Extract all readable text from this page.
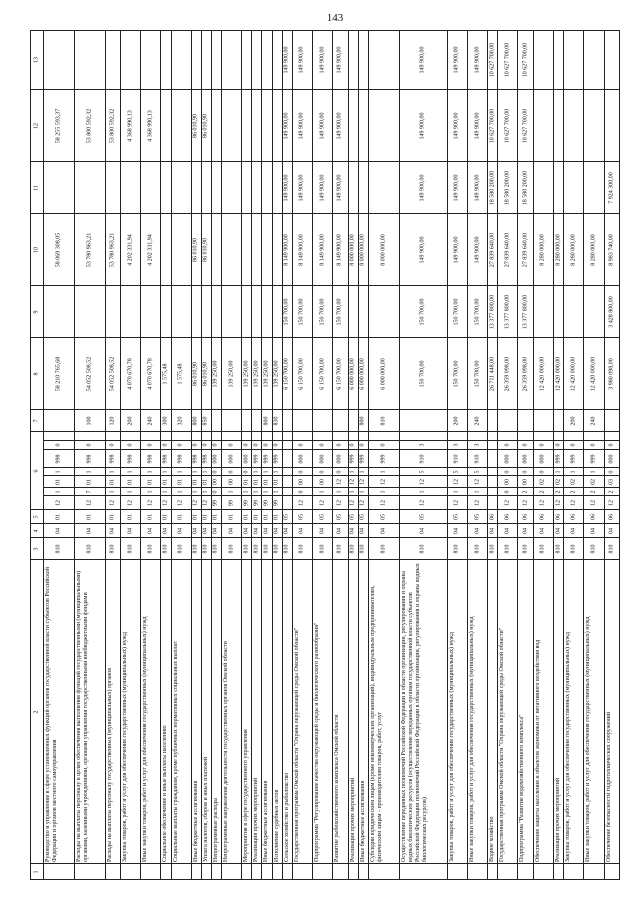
143
1
2
3
4
5
6
7
8
9
10
11
12
13
Руководство и управление в сфере установленных функций органов государственной власти субъектов Российской Федерации и органов местного самоуправления
810
04
01
12
1
01
1
998
0
58 210 765,68
58 069 308,05
58 255 593,37
Расходы на выплаты персоналу в целях обеспечения выполнения функций государственными (муниципальными) органами, казенными учреждениями, органами управления государственными внебюджетными фондами
810
04
01
12
7
01
1
998
0
100
54 052 508,52
53 780 963,21
53 800 592,32
Расходы на выплаты персоналу государственных (муниципальных) органов
810
04
01
12
1
01
1
998
0
120
54 052 508,52
53 780 963,21
53 800 592,32
Закупка товаров, работ и услуг для обеспечения государственных (муниципальных) нужд
810
04
01
12
1
01
1
998
0
200
4 070 670,78
4 202 331,94
4 368 990,13
Иные закупки товаров, работ и услуг для обеспечения государственных (муниципальных) нужд
810
04
01
12
1
01
1
998
0
240
4 070 670,78
4 202 331,94
4 368 990,13
Социальное обеспечение и иные выплаты населению
810
04
01
12
1
01
1
998
0
300
1 575,48
Социальные выплаты гражданам, кроме публичных нормативных социальных выплат
810
04
01
12
1
01
1
998
0
320
1 575,48
Иные бюджетные ассигнования
810
04
01
12
1
01
1
998
0
800
86 010,90
86 010,90
86 010,90
Уплата налогов, сборов и иных платежей
810
04
01
12
1
01
1
998
0
850
86 010,90
86 010,90
86 010,90
Непрограммные расходы
810
04
01
99
0
00
0
000
0
139 250,00
Непрограммные направления деятельности государственных органов Омской области
810
04
01
99
1
00
0
000
0
139 250,00
Мероприятия в сфере государственного управления
810
04
01
99
1
01
0
000
0
139 250,00
Реализация прочих мероприятий
810
04
01
99
1
01
1
999
0
139 250,00
Иные бюджетные ассигнования
810
04
01
99
1
01
1
999
0
800
139 250,00
Исполнение судебных актов
810
04
01
99
1
01
1
999
0
830
139 250,00
Сельское хозяйство и рыболовство
810
04
05
6 150 700,00
150 700,00
8 149 900,00
149 900,00
149 900,00
149 900,00
Государственная программа Омской области "Охрана окружающей среды Омской области"
810
04
05
12
0
00
0
000
0
6 150 700,00
150 700,00
8 149 900,00
149 900,00
149 900,00
149 900,00
Подпрограмма "Регулирование качества окружающей среды и биологического разнообразия"
810
04
05
12
1
00
0
000
0
6 150 700,00
150 700,00
8 149 900,00
149 900,00
149 900,00
149 900,00
Развитие рыбохозяйственного комплекса Омской области
810
04
05
12
1
12
0
000
0
6 150 700,00
150 700,00
8 149 900,00
149 900,00
149 900,00
149 900,00
Реализация прочих мероприятий
810
04
05
12
1
12
1
999
0
6 000 000,00
8 000 000,00
Иные бюджетные ассигнования
810
04
05
12
1
12
1
999
0
800
6 000 000,00
8 000 000,00
Субсидии юридическим лицам (кроме некоммерческих организаций), индивидуальным предпринимателям, физическим лицам - производителям товаров, работ, услуг
810
04
05
12
1
12
1
999
0
810
6 000 000,00
8 000 000,00
Осуществление переданных полномочий Российской Федерации в области организации, регулирования и охраны водных биологических ресурсов (осуществление переданных органам государственной власти субъектов Российской Федерации полномочий Российской Федерации в области организации, регулирования и охраны водных биологических ресурсов)
810
04
05
12
1
12
5
910
3
150 700,00
150 700,00
149 900,00
149 900,00
149 900,00
149 900,00
Закупка товаров, работ и услуг для обеспечения государственных (муниципальных) нужд
810
04
05
12
1
12
5
910
3
200
150 700,00
150 700,00
149 900,00
149 900,00
149 900,00
149 900,00
Иные закупки товаров, работ и услуг для обеспечения государственных (муниципальных) нужд
810
04
05
12
1
12
5
910
3
240
150 700,00
150 700,00
149 900,00
149 900,00
149 900,00
149 900,00
Водное хозяйство
810
04
06
26 711 448,00
13 377 800,00
27 839 640,00
18 580 200,00
10 627 700,00
10 627 700,00
Государственная программа Омской области "Охрана окружающей среды Омской области"
810
04
06
12
0
00
0
000
0
26 359 098,00
13 377 800,00
27 839 640,00
18 580 200,00
10 627 700,00
10 627 700,00
Подпрограмма "Развитие водохозяйственного комплекса"
810
04
06
12
2
00
0
000
0
26 359 098,00
13 377 800,00
27 839 640,00
18 580 200,00
10 627 700,00
10 627 700,00
Обеспечение защиты населения и объектов экономики от негативного воздействия вод
810
04
06
12
2
02
0
000
0
12 420 000,00
8 280 000,00
Реализация прочих мероприятий
810
04
06
12
2
02
1
999
0
12 420 000,00
8 280 000,00
Закупка товаров, работ и услуг для обеспечения государственных (муниципальных) нужд
810
04
06
12
2
02
1
999
0
200
12 420 000,00
8 280 000,00
Иные закупки товаров, работ и услуг для обеспечения государственных (муниципальных) нужд
810
04
06
12
2
02
1
999
0
240
12 420 000,00
8 280 000,00
Обеспечение безопасности гидротехнических сооружений
810
04
06
12
2
03
0
000
0
3 980 098,00
3 428 800,00
8 983 740,00
7 924 300,00
